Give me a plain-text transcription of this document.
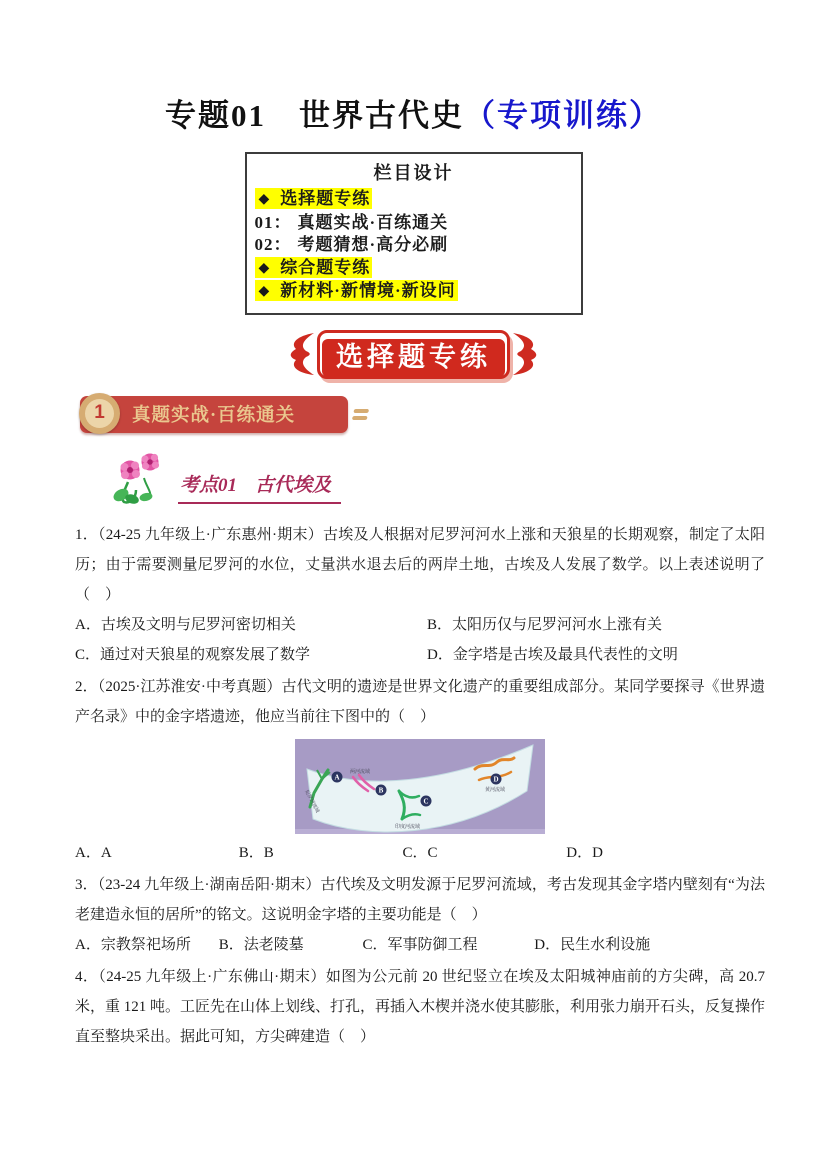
专题01　世界古代史（专项训练）
栏目设计
◆ 选择题专练
01： 真题实战·百练通关
02： 考题猜想·高分必刷
◆ 综合题专练
◆ 新材料·新情境·新设问
选择题专练
1	真题实战·百练通关
考点01 古代埃及
1．（24-25 九年级上·广东惠州·期末）古埃及人根据对尼罗河河水上涨和天狼星的长期观察，制定了太阳历；由于需要测量尼罗河的水位，丈量洪水退去后的两岸土地，古埃及人发展了数学。以上表述说明了（　）
A．古埃及文明与尼罗河密切相关	B．太阳历仅与尼罗河河水上涨有关
C．通过对天狼星的观察发展了数学	D．金字塔是古埃及最具代表性的文明
2．（2025·江苏淮安·中考真题）古代文明的遗迹是世界文化遗产的重要组成部分。某同学要探寻《世界遗产名录》中的金字塔遗迹，他应当前往下图中的（　）
尼罗河流域
A
两河流域
B
印度河流域
C
黄河流域
D
A．A	B．B	C．C	D．D
3．（23-24 九年级上·湖南岳阳·期末）古代埃及文明发源于尼罗河流域，考古发现其金字塔内壁刻有“为法老建造永恒的居所”的铭文。这说明金字塔的主要功能是（　）
A．宗教祭祀场所 B．法老陵墓	C．军事防御工程	D．民生水利设施
4．（24-25 九年级上·广东佛山·期末）如图为公元前 20 世纪竖立在埃及太阳城神庙前的方尖碑，高 20.7 米，重 121 吨。工匠先在山体上划线、打孔，再插入木楔并浇水使其膨胀，利用张力崩开石头，反复操作直至整块采出。据此可知，方尖碑建造（　）
